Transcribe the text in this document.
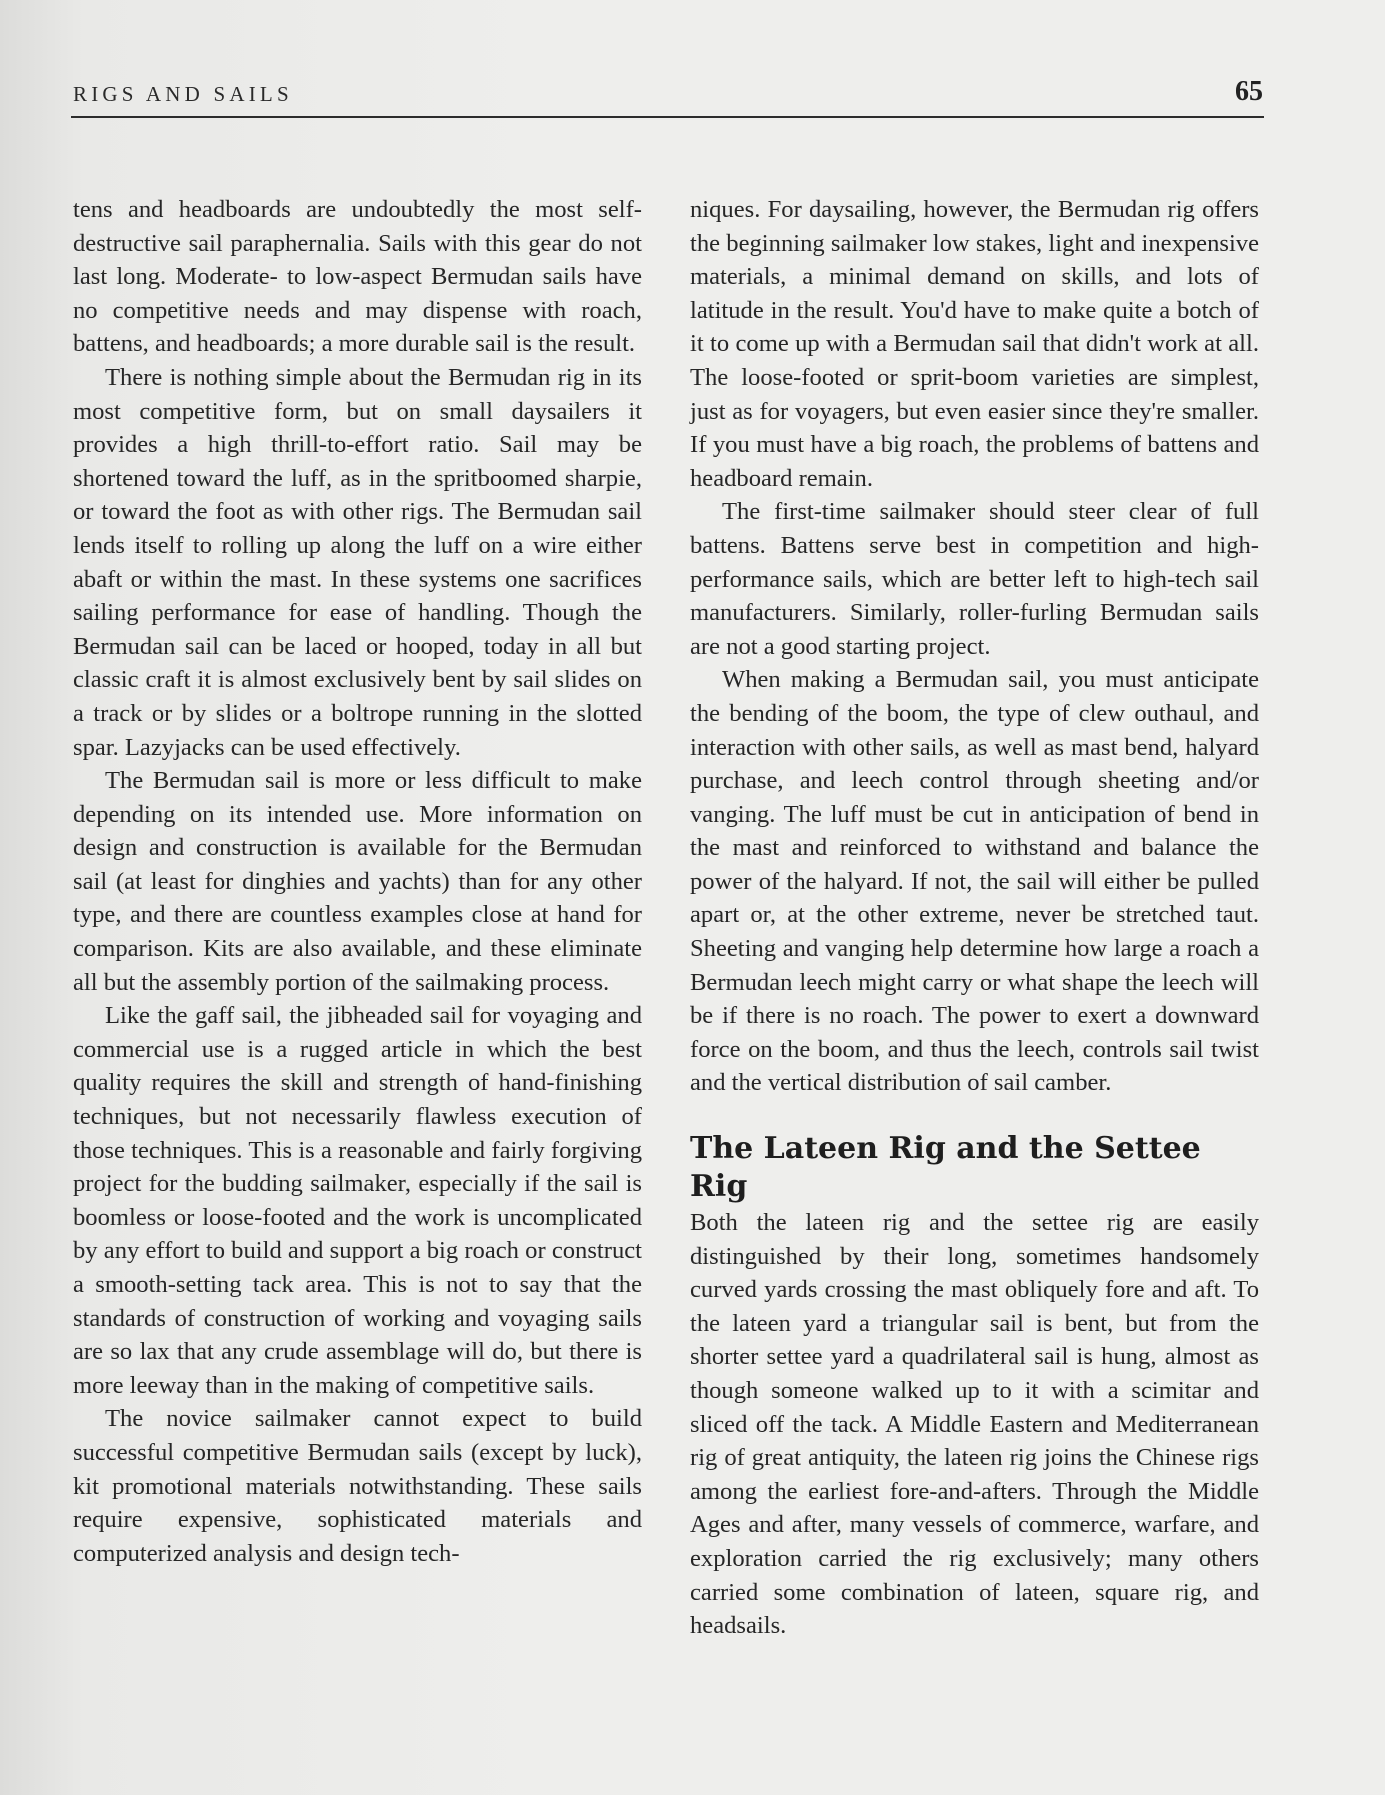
RIGS AND SAILS	65

tens and headboards are undoubtedly the most self-destructive sail paraphernalia. Sails with this gear do not last long. Moderate- to low-aspect Bermudan sails have no competitive needs and may dispense with roach, battens, and headboards; a more durable sail is the result.

There is nothing simple about the Bermudan rig in its most competitive form, but on small daysailers it provides a high thrill-to-effort ratio. Sail may be shortened toward the luff, as in the spritboomed sharpie, or toward the foot as with other rigs. The Bermudan sail lends itself to rolling up along the luff on a wire either abaft or within the mast. In these systems one sacrifices sailing performance for ease of handling. Though the Bermudan sail can be laced or hooped, today in all but classic craft it is almost exclusively bent by sail slides on a track or by slides or a boltrope running in the slotted spar. Lazyjacks can be used effectively.

The Bermudan sail is more or less difficult to make depending on its intended use. More information on design and construction is available for the Bermudan sail (at least for dinghies and yachts) than for any other type, and there are countless examples close at hand for comparison. Kits are also available, and these eliminate all but the assembly portion of the sailmaking process.

Like the gaff sail, the jibheaded sail for voyaging and commercial use is a rugged article in which the best quality requires the skill and strength of hand-finishing techniques, but not necessarily flawless execution of those techniques. This is a reasonable and fairly forgiving project for the budding sailmaker, especially if the sail is boomless or loose-footed and the work is uncomplicated by any effort to build and support a big roach or construct a smooth-setting tack area. This is not to say that the standards of construction of working and voyaging sails are so lax that any crude assemblage will do, but there is more leeway than in the making of competitive sails.

The novice sailmaker cannot expect to build successful competitive Bermudan sails (except by luck), kit promotional materials notwithstanding. These sails require expensive, sophisticated materials and computerized analysis and design tech-

niques. For daysailing, however, the Bermudan rig offers the beginning sailmaker low stakes, light and inexpensive materials, a minimal demand on skills, and lots of latitude in the result. You'd have to make quite a botch of it to come up with a Bermudan sail that didn't work at all. The loose-footed or sprit-boom varieties are simplest, just as for voyagers, but even easier since they're smaller. If you must have a big roach, the problems of battens and headboard remain.

The first-time sailmaker should steer clear of full battens. Battens serve best in competition and high-performance sails, which are better left to high-tech sail manufacturers. Similarly, roller-furling Bermudan sails are not a good starting project.

When making a Bermudan sail, you must anticipate the bending of the boom, the type of clew outhaul, and interaction with other sails, as well as mast bend, halyard purchase, and leech control through sheeting and/or vanging. The luff must be cut in anticipation of bend in the mast and reinforced to withstand and balance the power of the halyard. If not, the sail will either be pulled apart or, at the other extreme, never be stretched taut. Sheeting and vanging help determine how large a roach a Bermudan leech might carry or what shape the leech will be if there is no roach. The power to exert a downward force on the boom, and thus the leech, controls sail twist and the vertical distribution of sail camber.

The Lateen Rig and the Settee Rig

Both the lateen rig and the settee rig are easily distinguished by their long, sometimes handsomely curved yards crossing the mast obliquely fore and aft. To the lateen yard a triangular sail is bent, but from the shorter settee yard a quadrilateral sail is hung, almost as though someone walked up to it with a scimitar and sliced off the tack. A Middle Eastern and Mediterranean rig of great antiquity, the lateen rig joins the Chinese rigs among the earliest fore-and-afters. Through the Middle Ages and after, many vessels of commerce, warfare, and exploration carried the rig exclusively; many others carried some combination of lateen, square rig, and headsails.
